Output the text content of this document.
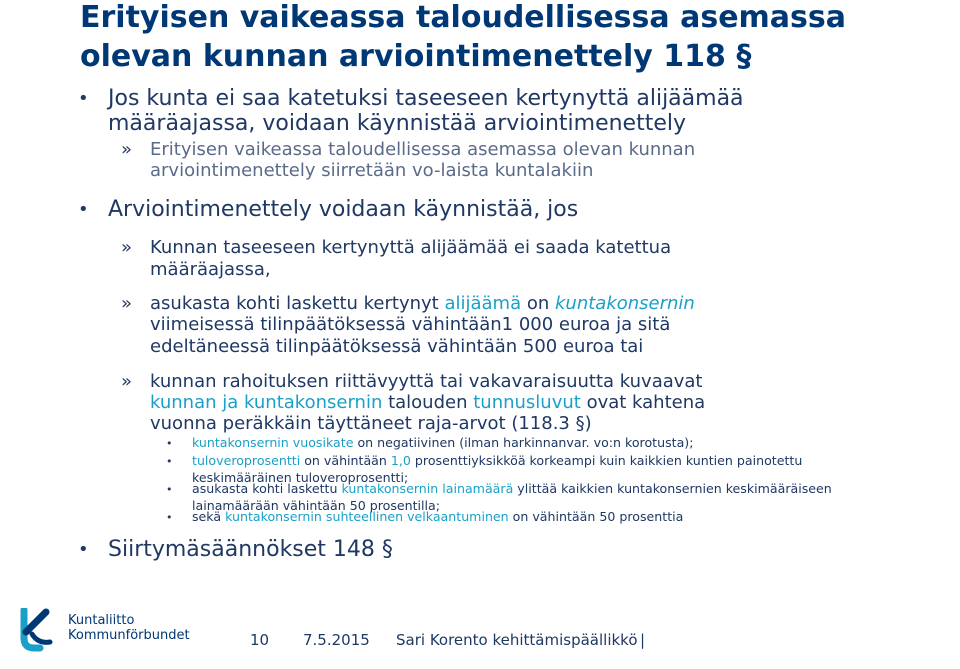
Erityisen vaikeassa taloudellisessa asemassa
olevan kunnan arviointimenettely 118 §
• Jos kunta ei saa katetuksi taseeseen kertynyttä alijäämää
määräajassa, voidaan käynnistää arviointimenettely
» Erityisen vaikeassa taloudellisessa asemassa olevan kunnan
arviointimenettely siirretään vo-laista kuntalakiin
• Arviointimenettely voidaan käynnistää, jos
» Kunnan taseeseen kertynyttä alijäämää ei saada katettua
määräajassa,
» asukasta kohti laskettu kertynyt alijäämä on kuntakonsernin
viimeisessä tilinpäätöksessä vähintään1 000 euroa ja sitä
edeltäneessä tilinpäätöksessä vähintään 500 euroa tai
» kunnan rahoituksen riittävyyttä tai vakavaraisuutta kuvaavat
kunnan ja kuntakonsernin talouden tunnusluvut ovat kahtena
vuonna peräkkäin täyttäneet raja-arvot (118.3 §)
• kuntakonsernin vuosikate on negatiivinen (ilman harkinnanvar. vo:n korotusta);
• tuloveroprosentti on vähintään 1,0 prosenttiyksikköä korkeampi kuin kaikkien kuntien painotettu
keskimääräinen tuloveroprosentti;
• asukasta kohti laskettu kuntakonsernin lainamäärä ylittää kaikkien kuntakonsernien keskimääräiseen
lainamäärään vähintään 50 prosentilla;
• sekä kuntakonsernin suhteellinen velkaantuminen on vähintään 50 prosenttia
• Siirtymäsäännökset 148 §
Kuntaliitto
Kommunförbundet	10 7.5.2015 Sari Korento kehittämispäällikkö |
